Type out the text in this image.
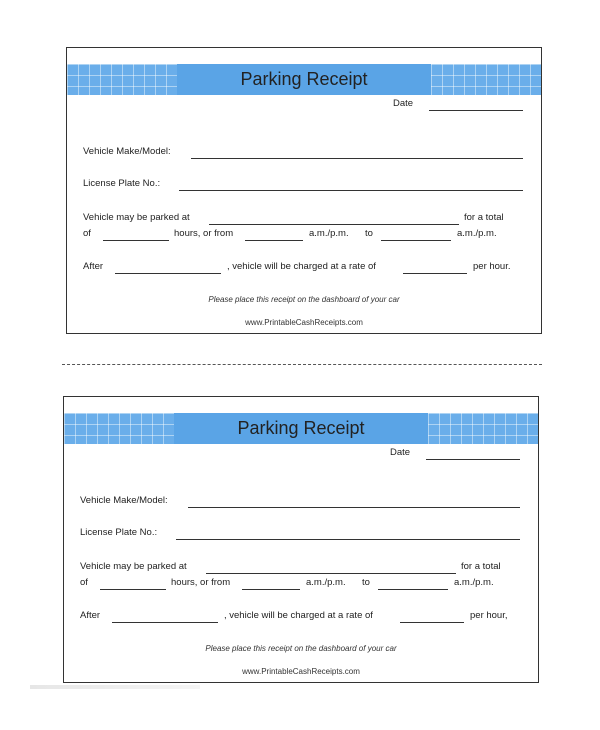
Parking Receipt
Date
Vehicle Make/Model:
License Plate No.:
Vehicle may be parked at	for a total
of	hours, or from	a.m./p.m. to	a.m./p.m.
After	, vehicle will be charged at a rate of	per hour.
Please place this receipt on the dashboard of your car
www.PrintableCashReceipts.com
Parking Receipt
Date
Vehicle Make/Model:
License Plate No.:
Vehicle may be parked at	for a total
of	hours, or from	a.m./p.m. to	a.m./p.m.
After	, vehicle will be charged at a rate of	per hour,
Please place this receipt on the dashboard of your car
www.PrintableCashReceipts.com
